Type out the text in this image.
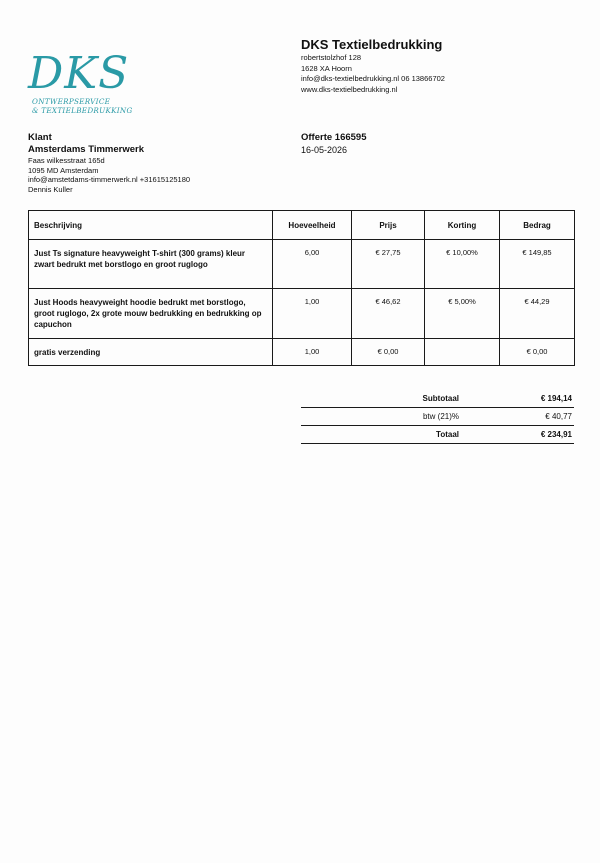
DKS
ONTWERPSERVICE
& TEXTIELBEDRUKKING
DKS Textielbedrukking
robertstolzhof 128
1628 XA Hoorn
info@dks-textielbedrukking.nl 06 13866702
www.dks-textielbedrukking.nl
Klant
Amsterdams Timmerwerk
Faas wilkesstraat 165d
1095 MD Amsterdam
info@amstetdams-timmerwerk.nl +31615125180
Dennis Kuller
Offerte 166595
16-05-2026
Beschrijving	Hoeveelheid	Prijs	Korting	Bedrag
Just Ts signature heavyweight T-shirt (300 grams) kleur zwart bedrukt met borstlogo en groot ruglogo	6,00	€ 27,75	€ 10,00%	€ 149,85
Just Hoods heavyweight hoodie bedrukt met borstlogo, groot ruglogo, 2x grote mouw bedrukking en bedrukking op capuchon	1,00	€ 46,62	€ 5,00%	€ 44,29
gratis verzending	1,00	€ 0,00		€ 0,00
Subtotaal	€ 194,14
btw (21)%	€ 40,77
Totaal	€ 234,91
